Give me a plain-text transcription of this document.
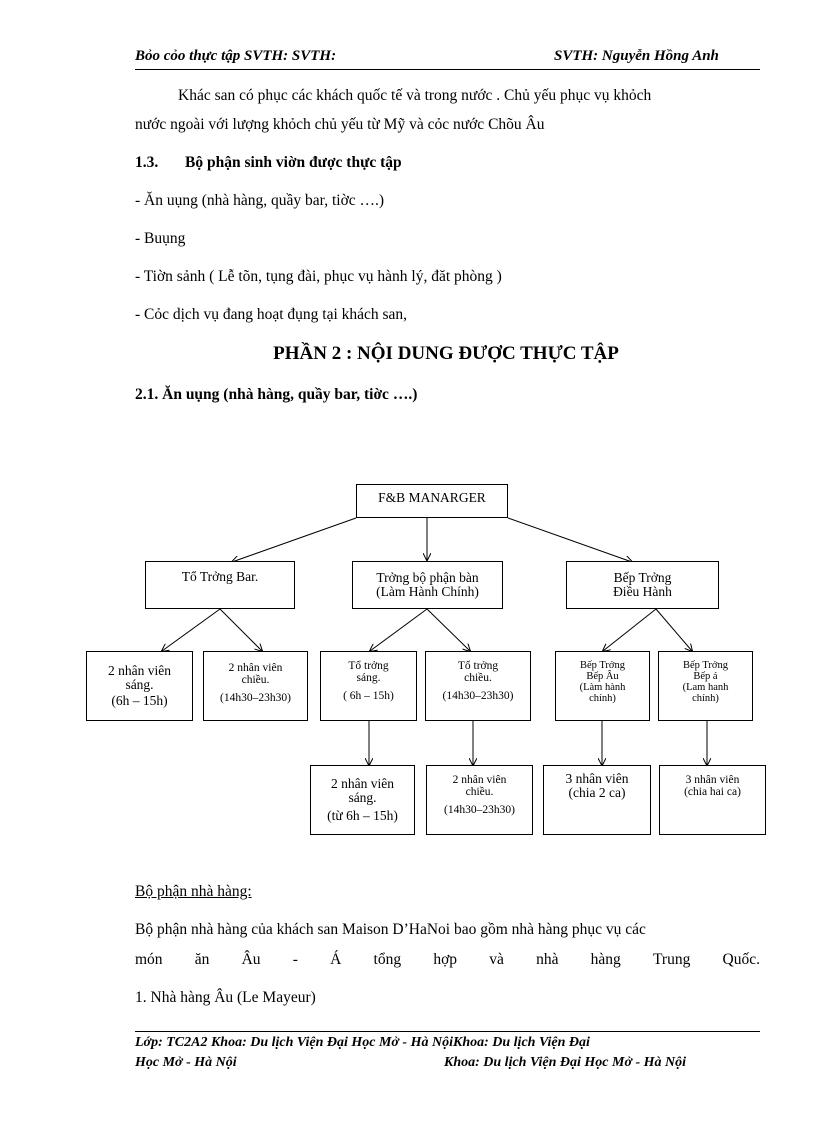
Bỏo cỏo thực tập SVTH: SVTH:	SVTH: Nguyễn Hồng Anh
Khác san có phục các khách quốc tế và trong nước . Chủ yếu phục vụ khỏch
nước ngoài với lượng khỏch chủ yếu từ Mỹ và cỏc nước Chõu Âu
1.3. Bộ phận sinh viờn được thực tập
- Ăn uụng (nhà hàng, quầy bar, tiờc ….)
- Buụng
- Tiờn sảnh ( Lễ tõn, tụng đài, phục vụ hành lý, đăt phòng )
- Cỏc dịch vụ đang hoạt đụng tại khách san,
PHẦN 2 : NỘI DUNG ĐƯỢC THỰC TẬP
2.1. Ăn uụng (nhà hàng, quầy bar, tiờc ….)
F&B MANARGER
Tổ Trởng Bar.	Trởng bộ phận bàn
(Làm Hành Chính)
Bếp Trởng
Điều Hành
2 nhân viên
sáng.
(6h – 15h)
2 nhân viên
chiều.
(14h30–23h30)
Tổ trởng
sáng.
( 6h – 15h)
Tổ trởng
chiều.
(14h30–23h30)
Bếp Trởng
Bếp Âu
(Làm hành
chính)
Bếp Trởng
Bếp á
(Lam hanh
chính)
2 nhân viên
sáng.
(từ 6h – 15h)
2 nhân viên
chiều.
(14h30–23h30)
3 nhân viên
(chia 2 ca)
3 nhân viên
(chia hai ca)
Bộ phận nhà hàng:
Bộ phận nhà hàng của khách san Maison D’HaNoi bao gồm nhà hàng phục vụ các
món ăn Âu - Á tổng hợp và nhà hàng Trung Quốc.
1. Nhà hàng Âu (Le Mayeur)
Lớp: TC2A2 Khoa: Du lịch Viện Đại Học Mở - Hà NộiKhoa: Du lịch Viện Đại
Học Mở - Hà Nội	Khoa: Du lịch Viện Đại Học Mở - Hà Nội
